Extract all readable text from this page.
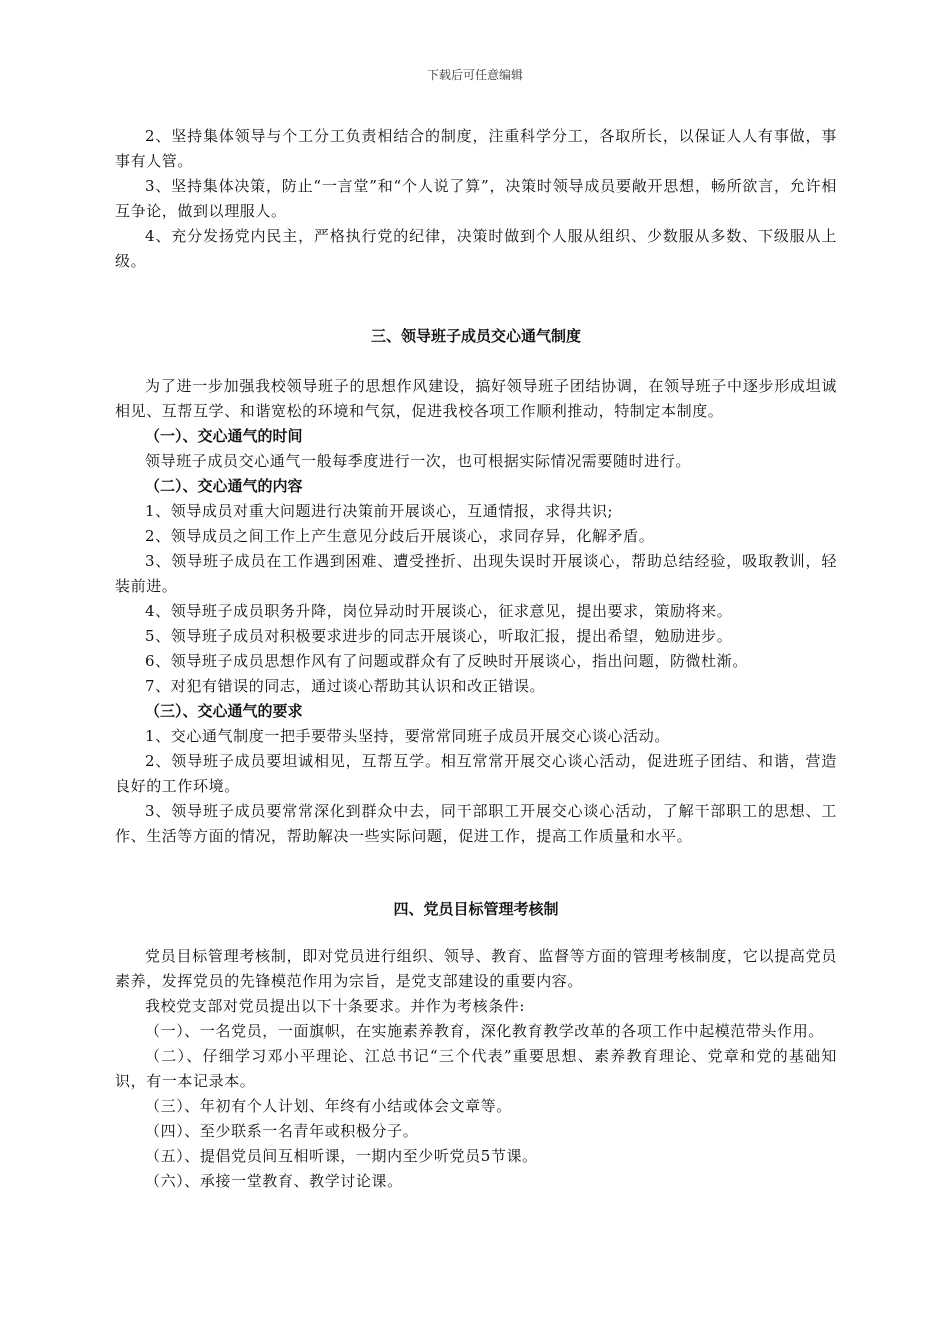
下载后可任意编辑

2、坚持集体领导与个工分工负责相结合的制度，注重科学分工，各取所长，以保证人人有事做，事事有人管。

3、坚持集体决策，防止“一言堂”和“个人说了算”，决策时领导成员要敞开思想，畅所欲言，允许相互争论，做到以理服人。

4、充分发扬党内民主，严格执行党的纪律，决策时做到个人服从组织、少数服从多数、下级服从上级。

三、领导班子成员交心通气制度

为了进一步加强我校领导班子的思想作风建设，搞好领导班子团结协调，在领导班子中逐步形成坦诚相见、互帮互学、和谐宽松的环境和气氛，促进我校各项工作顺利推动，特制定本制度。

（一）、交心通气的时间

领导班子成员交心通气一般每季度进行一次，也可根据实际情况需要随时进行。

（二）、交心通气的内容

1、领导成员对重大问题进行决策前开展谈心，互通情报，求得共识;

2、领导成员之间工作上产生意见分歧后开展谈心，求同存异，化解矛盾。

3、领导班子成员在工作遇到困难、遭受挫折、出现失误时开展谈心，帮助总结经验，吸取教训，轻装前进。

4、领导班子成员职务升降，岗位异动时开展谈心，征求意见，提出要求，策励将来。

5、领导班子成员对积极要求进步的同志开展谈心，听取汇报，提出希望，勉励进步。

6、领导班子成员思想作风有了问题或群众有了反映时开展谈心，指出问题，防微杜渐。

7、对犯有错误的同志，通过谈心帮助其认识和改正错误。

（三）、交心通气的要求

1、交心通气制度一把手要带头坚持，要常常同班子成员开展交心谈心活动。

2、领导班子成员要坦诚相见，互帮互学。相互常常开展交心谈心活动，促进班子团结、和谐，营造良好的工作环境。

3、领导班子成员要常常深化到群众中去，同干部职工开展交心谈心活动，了解干部职工的思想、工作、生活等方面的情况，帮助解决一些实际问题，促进工作，提高工作质量和水平。

四、党员目标管理考核制

党员目标管理考核制，即对党员进行组织、领导、教育、监督等方面的管理考核制度，它以提高党员素养，发挥党员的先锋模范作用为宗旨，是党支部建设的重要内容。

我校党支部对党员提出以下十条要求。并作为考核条件:

（一）、一名党员，一面旗帜，在实施素养教育，深化教育教学改革的各项工作中起模范带头作用。

（二）、仔细学习邓小平理论、江总书记“三个代表”重要思想、素养教育理论、党章和党的基础知识，有一本记录本。

（三）、年初有个人计划、年终有小结或体会文章等。

（四）、至少联系一名青年或积极分子。

（五）、提倡党员间互相听课，一期内至少听党员5节课。

（六）、承接一堂教育、教学讨论课。
